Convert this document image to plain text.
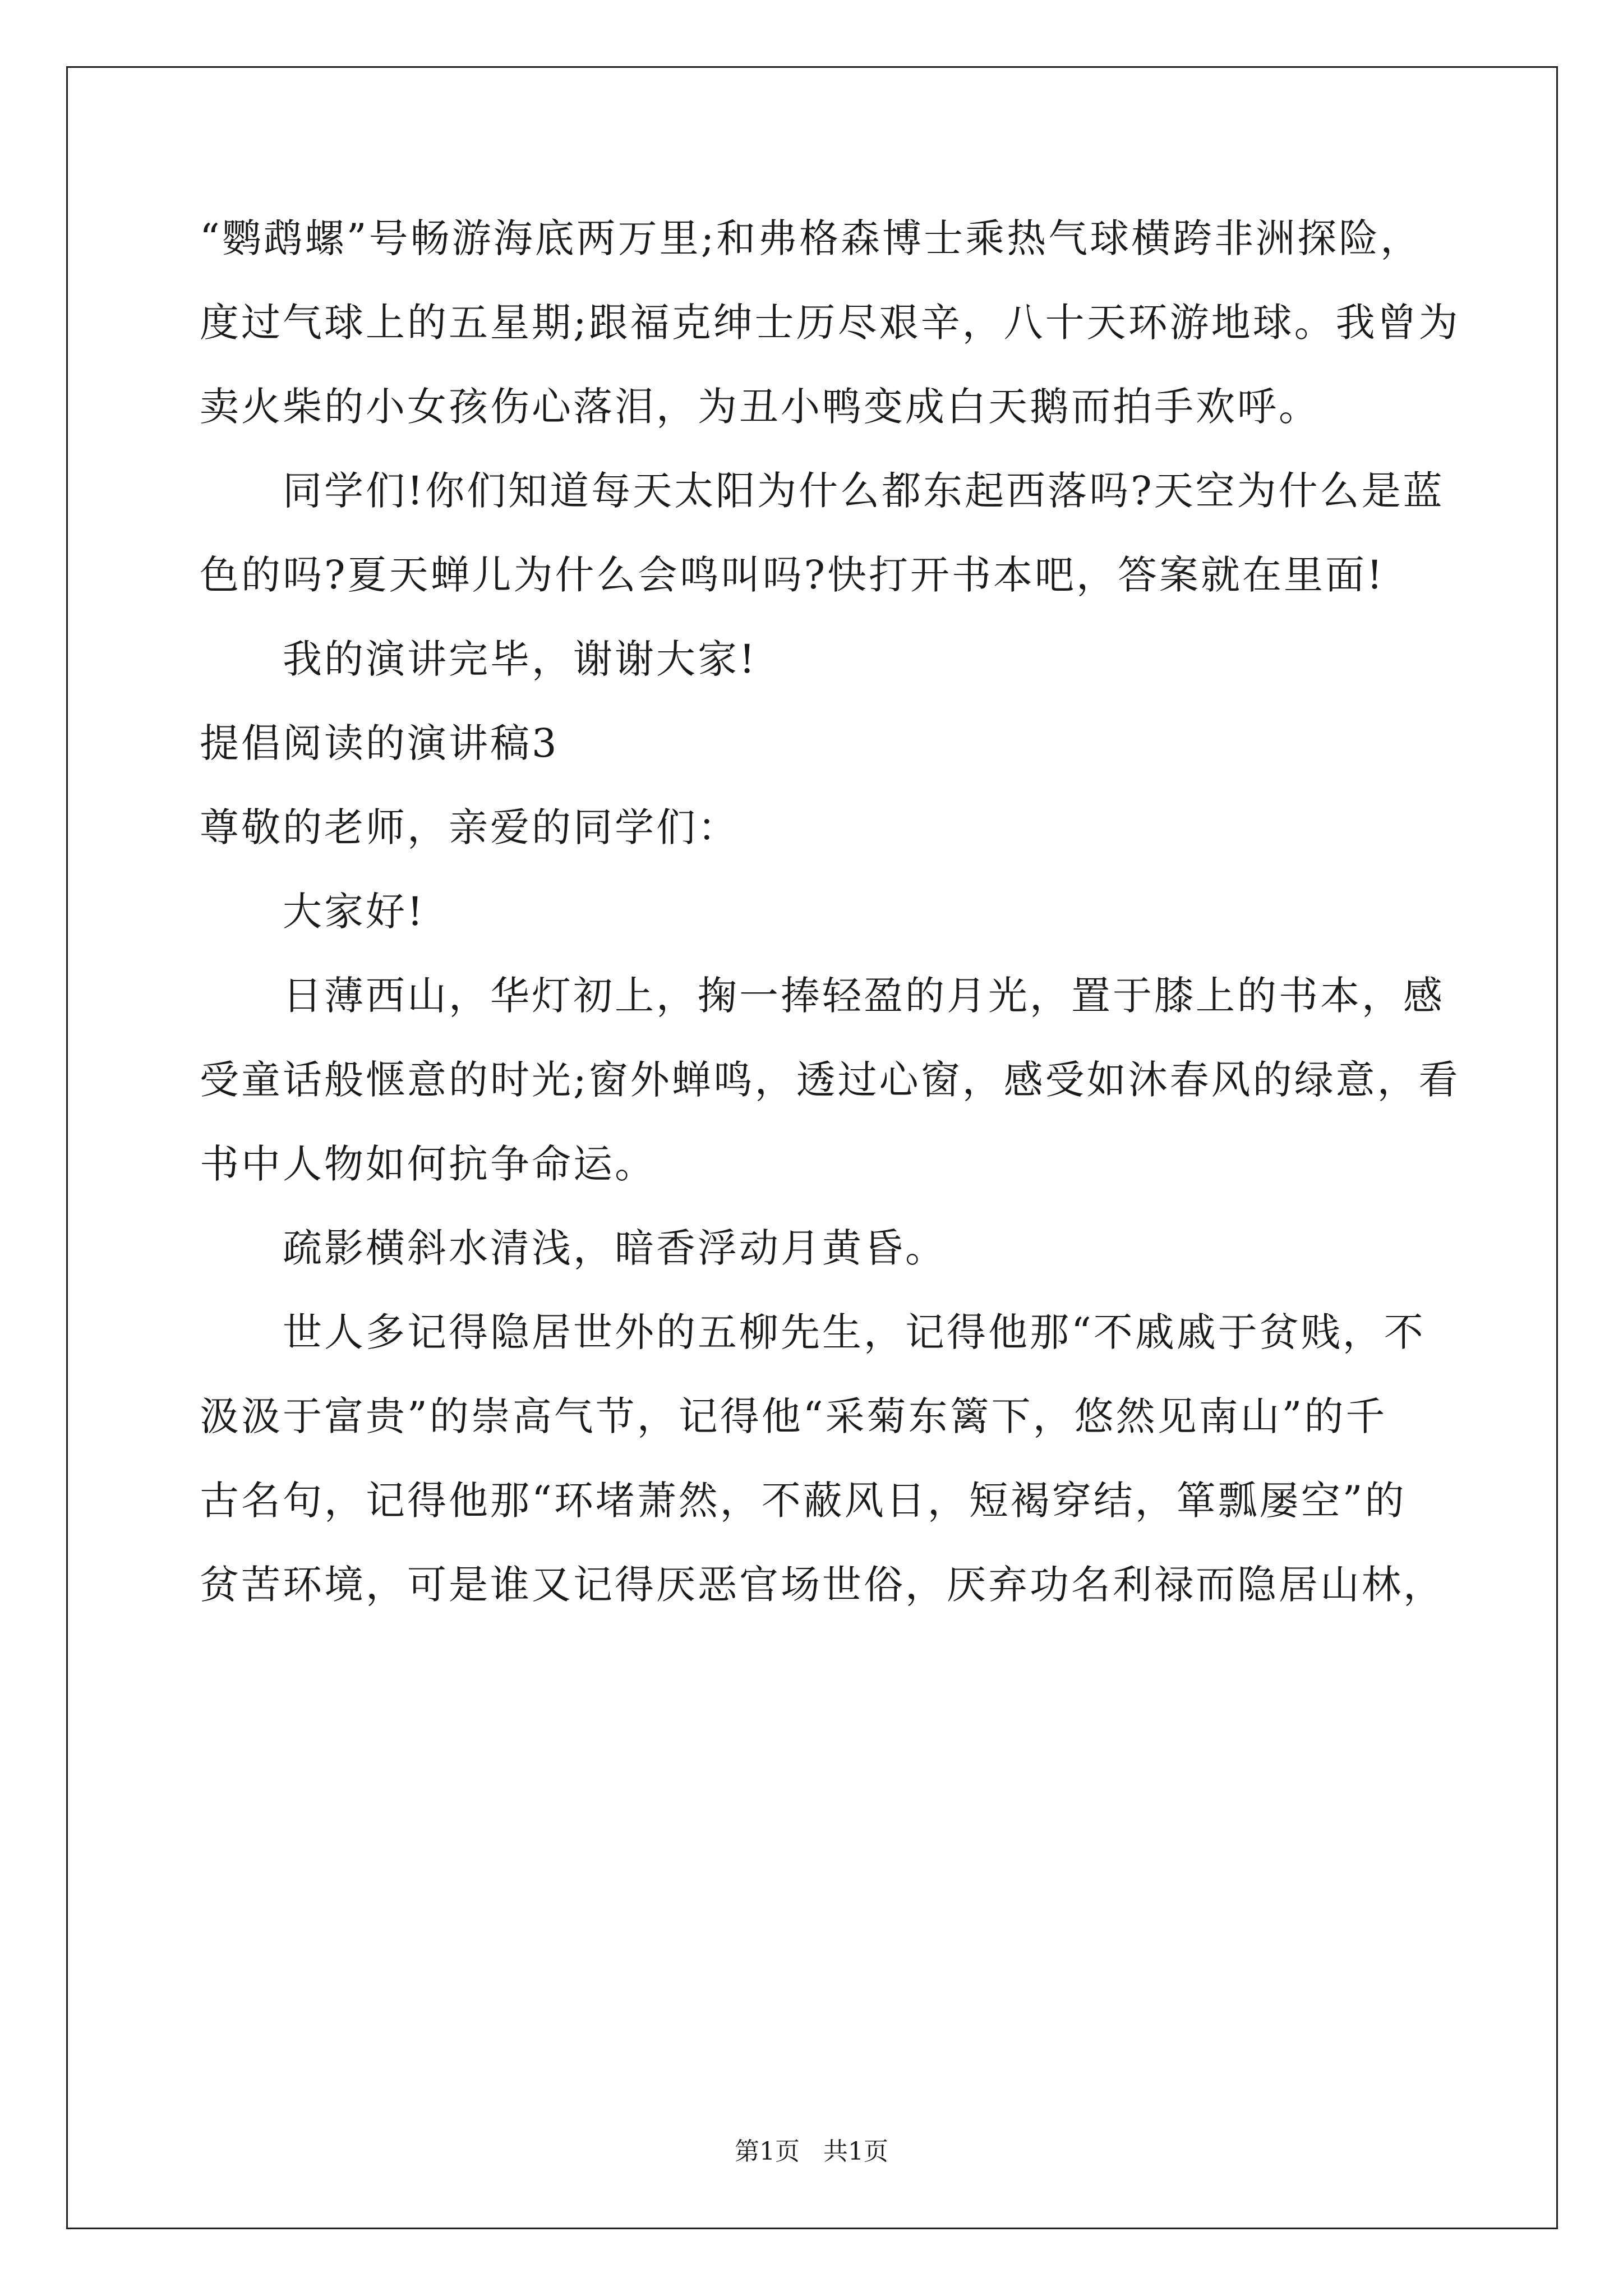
“鹦鹉螺”号畅游海底两万里;和弗格森博士乘热气球横跨非洲探险，

度过气球上的五星期;跟福克绅士历尽艰辛，八十天环游地球。我曾为

卖火柴的小女孩伤心落泪，为丑小鸭变成白天鹅而拍手欢呼。

同学们!你们知道每天太阳为什么都东起西落吗?天空为什么是蓝

色的吗?夏天蝉儿为什么会鸣叫吗?快打开书本吧，答案就在里面!

我的演讲完毕，谢谢大家!

提倡阅读的演讲稿3

尊敬的老师，亲爱的同学们：

大家好!

日薄西山，华灯初上，掬一捧轻盈的月光，置于膝上的书本，感

受童话般惬意的时光;窗外蝉鸣，透过心窗，感受如沐春风的绿意，看

书中人物如何抗争命运。

疏影横斜水清浅，暗香浮动月黄昏。

世人多记得隐居世外的五柳先生，记得他那“不戚戚于贫贱，不

汲汲于富贵”的崇高气节，记得他“采菊东篱下，悠然见南山”的千

古名句，记得他那“环堵萧然，不蔽风日，短褐穿结，箪瓢屡空”的

贫苦环境，可是谁又记得厌恶官场世俗，厌弃功名利禄而隐居山林，

第1页   共1页
